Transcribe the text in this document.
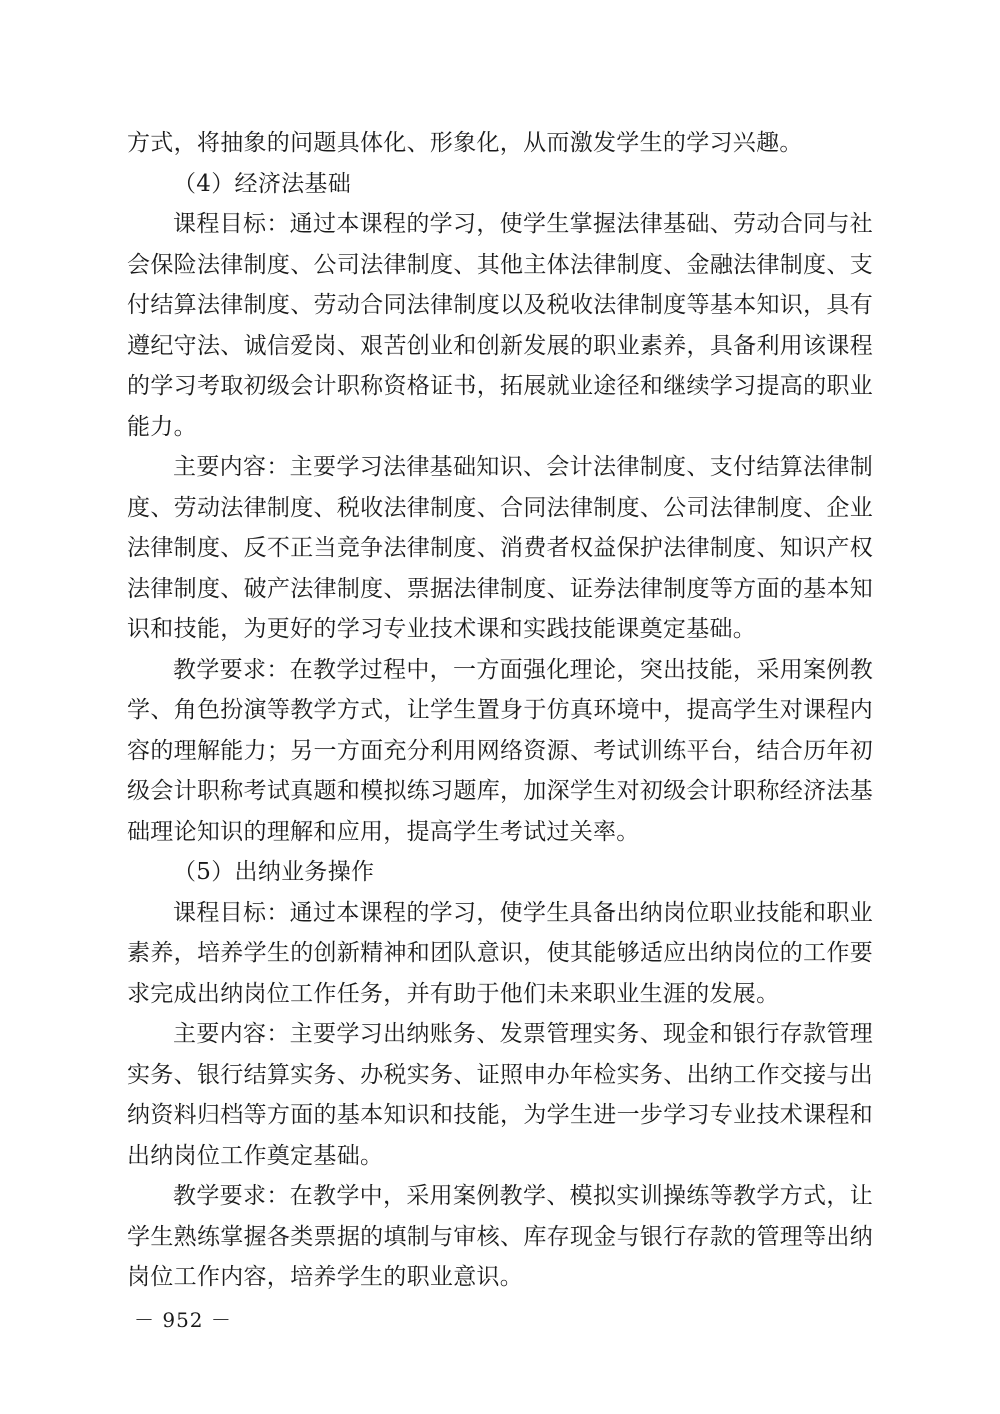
方式，将抽象的问题具体化、形象化，从而激发学生的学习兴趣。

（4）经济法基础

课程目标：通过本课程的学习，使学生掌握法律基础、劳动合同与社会保险法律制度、公司法律制度、其他主体法律制度、金融法律制度、支付结算法律制度、劳动合同法律制度以及税收法律制度等基本知识，具有遵纪守法、诚信爱岗、艰苦创业和创新发展的职业素养，具备利用该课程的学习考取初级会计职称资格证书，拓展就业途径和继续学习提高的职业能力。

主要内容：主要学习法律基础知识、会计法律制度、支付结算法律制度、劳动法律制度、税收法律制度、合同法律制度、公司法律制度、企业法律制度、反不正当竞争法律制度、消费者权益保护法律制度、知识产权法律制度、破产法律制度、票据法律制度、证券法律制度等方面的基本知识和技能，为更好的学习专业技术课和实践技能课奠定基础。

教学要求：在教学过程中，一方面强化理论，突出技能，采用案例教学、角色扮演等教学方式，让学生置身于仿真环境中，提高学生对课程内容的理解能力；另一方面充分利用网络资源、考试训练平台，结合历年初级会计职称考试真题和模拟练习题库，加深学生对初级会计职称经济法基础理论知识的理解和应用，提高学生考试过关率。

（5）出纳业务操作

课程目标：通过本课程的学习，使学生具备出纳岗位职业技能和职业素养，培养学生的创新精神和团队意识，使其能够适应出纳岗位的工作要求完成出纳岗位工作任务，并有助于他们未来职业生涯的发展。

主要内容：主要学习出纳账务、发票管理实务、现金和银行存款管理实务、银行结算实务、办税实务、证照申办年检实务、出纳工作交接与出纳资料归档等方面的基本知识和技能，为学生进一步学习专业技术课程和出纳岗位工作奠定基础。

教学要求：在教学中，采用案例教学、模拟实训操练等教学方式，让学生熟练掌握各类票据的填制与审核、库存现金与银行存款的管理等出纳岗位工作内容，培养学生的职业意识。

－ 952 －
